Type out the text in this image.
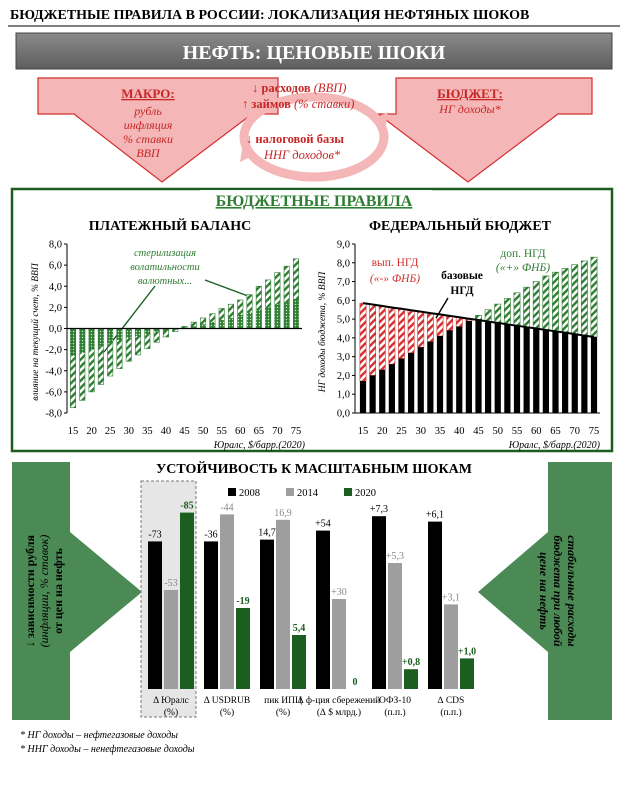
БЮДЖЕТНЫЕ ПРАВИЛА В РОССИИ: ЛОКАЛИЗАЦИЯ НЕФТЯНЫХ ШОКОВ
НЕФТЬ: ЦЕНОВЫЕ ШОКИ
МАКРО:
рубль
инфляция
% ставки
ВВП
БЮДЖЕТ:
НГ доходы*
↓ расходов (ВВП)
↑ займов (% ставки)
↓ налоговой базы
ННГ доходов*
БЮДЖЕТНЫЕ ПРАВИЛА
ПЛАТЕЖНЫЙ БАЛАНС
влияние на текущий счет, % ВВП
Юралс, $/барр.(2020)
стерилизация
волатильности
валютных...
8,0
6,0
4,0
2,0
0,0
-2,0
-4,0
-6,0
-8,0
15 20 25 30 35 40 45 50 55 60 65 70 75
ФЕДЕРАЛЬНЫЙ БЮДЖЕТ
НГ доходы бюджета, % ВВП
Юралс, $/барр.(2020)
9,0
8,0
7,0
6,0
5,0
4,0
3,0
2,0
1,0
0,0
15 20 25 30 35 40 45 50 55 60 65 70 75
вып. НГД
(«-» ФНБ) базовые
НГД
доп. НГД
(«+» ФНБ)
УСТОЙЧИВОСТЬ К МАСШТАБНЫМ ШОКАМ
↓ зависимости рубля (инфляции, % ставок) от цен на нефть	стабильные расходы
бюджета при любой
цене на нефть
2008	2014	2020
-73
-53
-85
Δ Юралс
(%)
-36
-44
-19
Δ USDRUB
(%)
14,7
16,9
5,4
пик ИПЦ
(%)
+54
+30
0
∆ ф-ция сбережений
(∆ $ млрд.)
+7,3
+5,3
+0,8
ОФЗ-10
(п.п.)
+6,1
+3,1
+1,0
∆ CDS
(п.п.)
* НГ доходы – нефтегазовые доходы
* ННГ доходы – ненефтегазовые доходы
